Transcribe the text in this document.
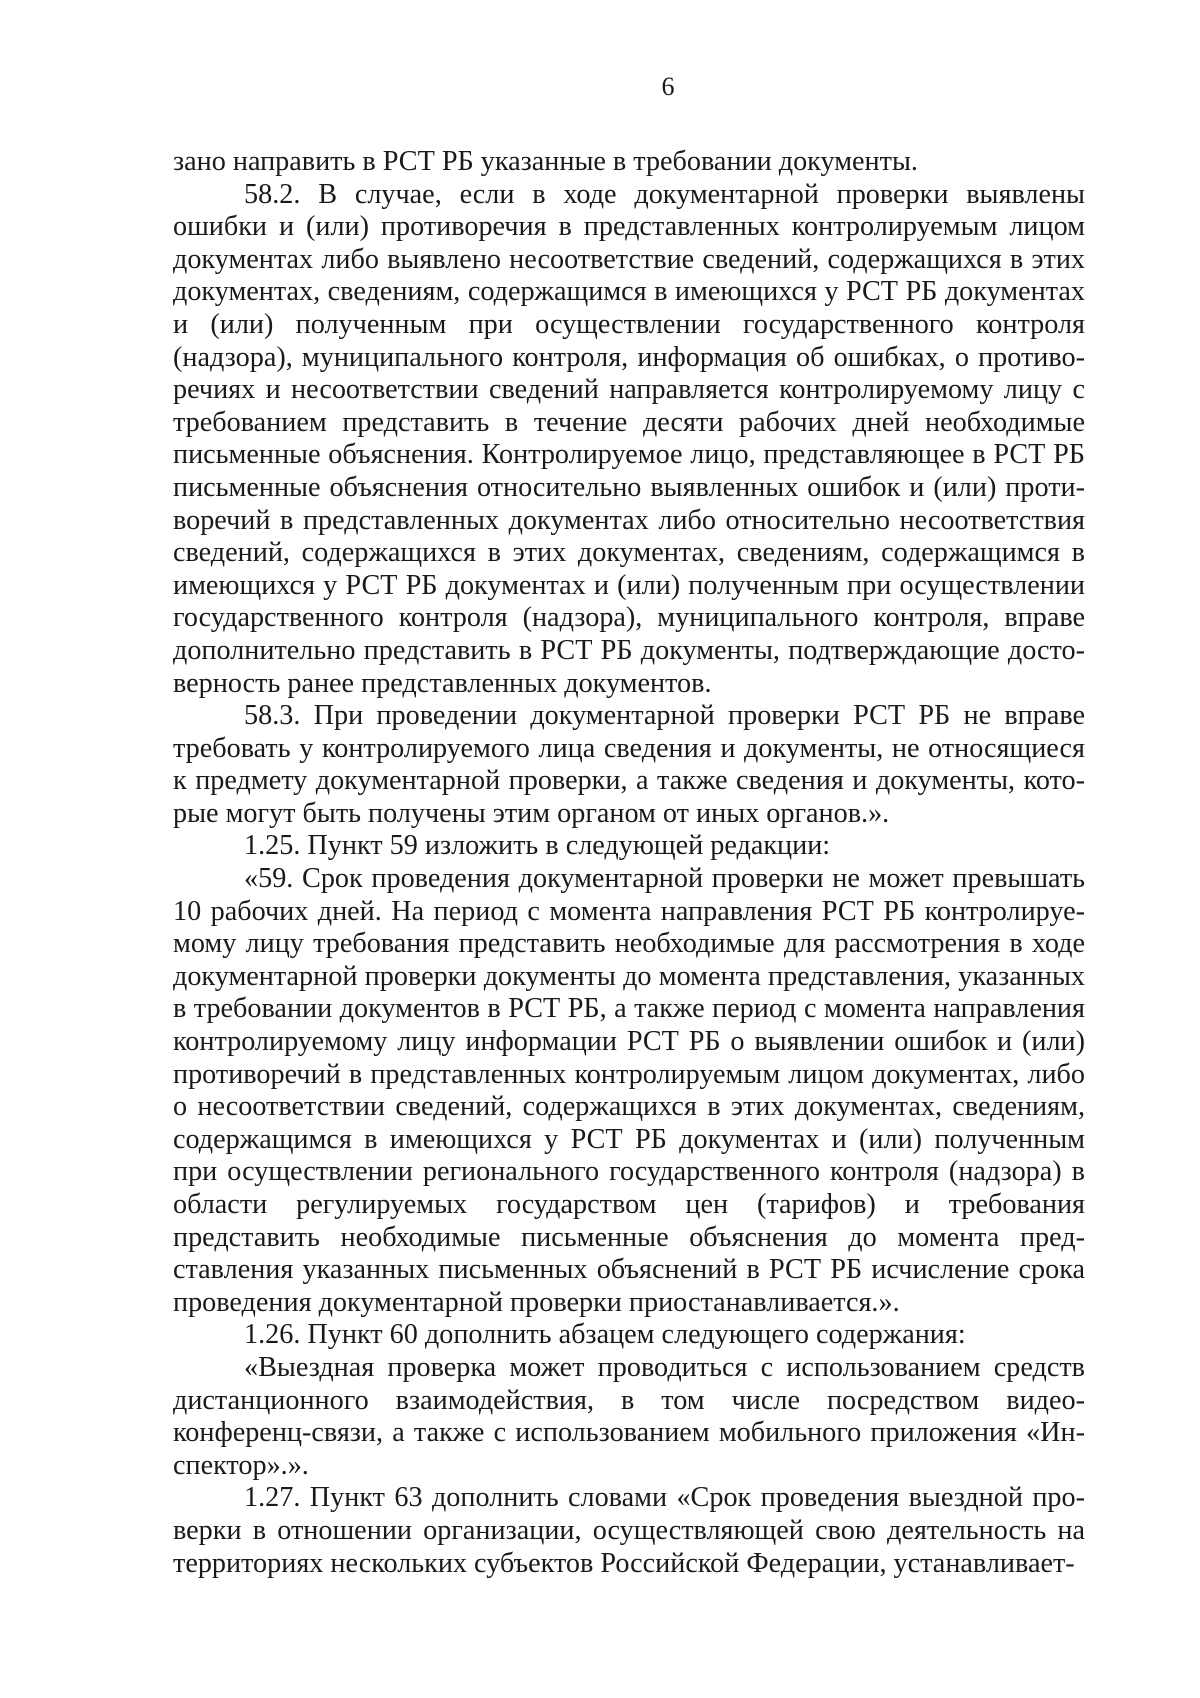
6

зано направить в РСТ РБ указанные в требовании документы.

58.2. В случае, если в ходе документарной проверки выявлены ошибки и (или) противоречия в представленных контролируемым лицом документах либо выявлено несоответствие сведений, содержащихся в этих документах, сведениям, содержащимся в имеющихся у РСТ РБ документах и (или) полученным при осуществлении государственного контроля (надзора), муниципального контроля, информация об ошибках, о противоречиях и несоответствии сведений направляется контролируемому лицу с требованием представить в течение десяти рабочих дней необходимые письменные объяснения. Контролируемое лицо, представляющее в РСТ РБ письменные объяснения относительно выявленных ошибок и (или) противоречий в представленных документах либо относительно несоответствия сведений, содержащихся в этих документах, сведениям, содержащимся в имеющихся у РСТ РБ документах и (или) полученным при осуществлении государственного контроля (надзора), муниципального контроля, вправе дополнительно представить в РСТ РБ документы, подтверждающие достоверность ранее представленных документов.

58.3. При проведении документарной проверки РСТ РБ не вправе требовать у контролируемого лица сведения и документы, не относящиеся к предмету документарной проверки, а также сведения и документы, которые могут быть получены этим органом от иных органов.».

1.25. Пункт 59 изложить в следующей редакции:

«59. Срок проведения документарной проверки не может превышать 10 рабочих дней. На период с момента направления РСТ РБ контролируемому лицу требования представить необходимые для рассмотрения в ходе документарной проверки документы до момента представления, указанных в требовании документов в РСТ РБ, а также период с момента направления контролируемому лицу информации РСТ РБ о выявлении ошибок и (или) противоречий в представленных контролируемым лицом документах, либо о несоответствии сведений, содержащихся в этих документах, сведениям, содержащимся в имеющихся у РСТ РБ документах и (или) полученным при осуществлении регионального государственного контроля (надзора) в области регулируемых государством цен (тарифов) и требования представить необходимые письменные объяснения до момента представления указанных письменных объяснений в РСТ РБ исчисление срока проведения документарной проверки приостанавливается.».

1.26. Пункт 60 дополнить абзацем следующего содержания:

«Выездная проверка может проводиться с использованием средств дистанционного взаимодействия, в том числе посредством видеоконференц-связи, а также с использованием мобильного приложения «Инспектор».».

1.27. Пункт 63 дополнить словами «Срок проведения выездной проверки в отношении организации, осуществляющей свою деятельность на территориях нескольких субъектов Российской Федерации, устанавливает-
